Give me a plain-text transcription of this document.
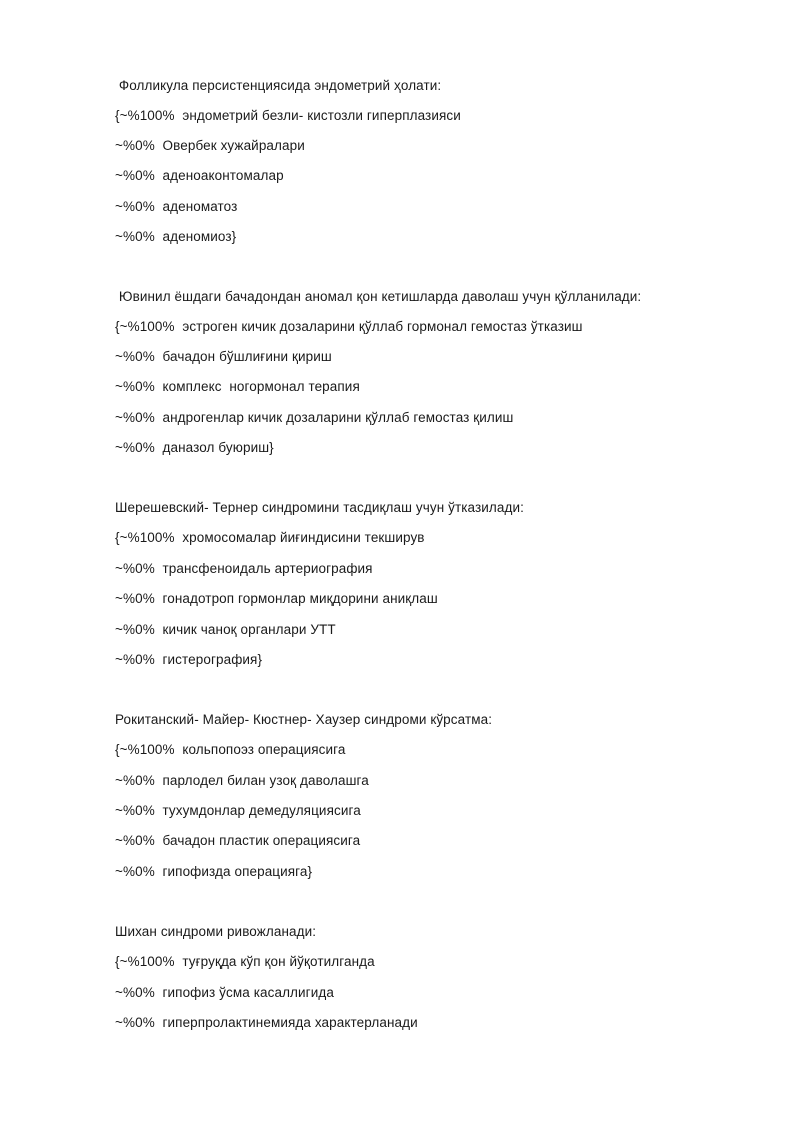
Фолликула персистенциясида эндометрий ҳолати:
{~%100%  эндометрий безли- кистозли гиперплазияси
~%0%  Овербек хужайралари
~%0%  аденоаконтомалар
~%0%  аденоматоз
~%0%  аденомиоз}
Ювинил ёшдаги бачадондан аномал қон кетишларда даволаш учун қўлланилади:
{~%100%  эстроген кичик дозаларини қўллаб гормонал гемостаз ўтказиш
~%0%  бачадон бўшлиғини қириш
~%0%  комплекс  ногормонал терапия
~%0%  андрогенлар кичик дозаларини қўллаб гемостаз қилиш
~%0%  даназол буюриш}
Шерешевский- Тернер синдромини тасдиқлаш учун ўтказилади:
{~%100%  хромосомалар йиғиндисини текширув
~%0%  трансфеноидаль артериография
~%0%  гонадотроп гормонлар миқдорини аниқлаш
~%0%  кичик чаноқ органлари УТТ
~%0%  гистерография}
Рокитанский- Майер- Кюстнер- Хаузер синдроми кўрсатма:
{~%100%  кольпопоэз операциясига
~%0%  парлодел билан узоқ даволашга
~%0%  тухумдонлар демедуляциясига
~%0%  бачадон пластик операциясига
~%0%  гипофизда операцияга}
Шихан синдроми ривожланади:
{~%100%  туғруқда кўп қон йўқотилганда
~%0%  гипофиз ўсма касаллигида
~%0%  гиперпролактинемияда характерланади
